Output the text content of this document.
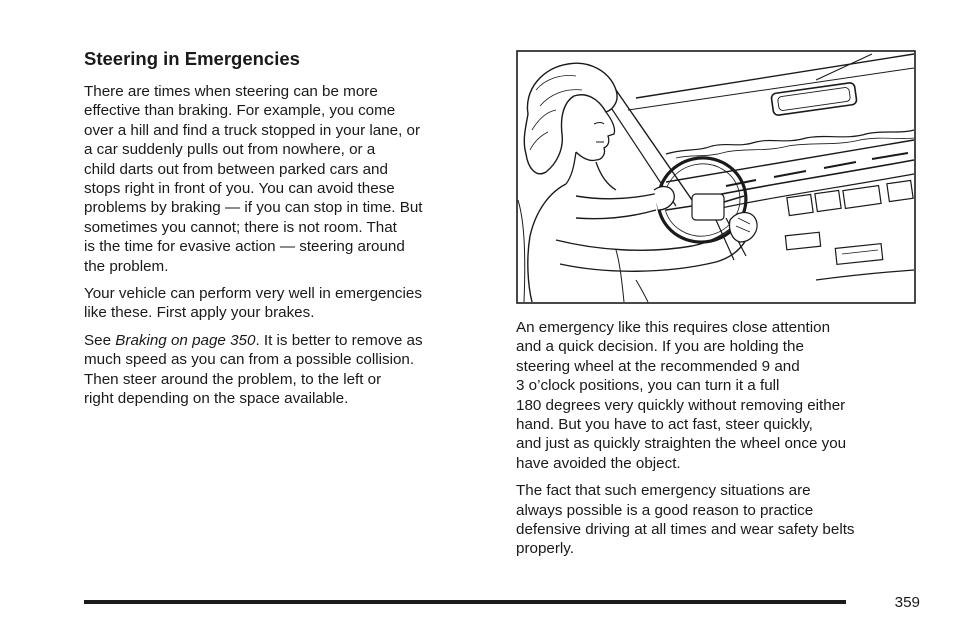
Steering in Emergencies

There are times when steering can be more
effective than braking. For example, you come
over a hill and find a truck stopped in your lane, or
a car suddenly pulls out from nowhere, or a
child darts out from between parked cars and
stops right in front of you. You can avoid these
problems by braking — if you can stop in time. But
sometimes you cannot; there is not room. That
is the time for evasive action — steering around
the problem.

Your vehicle can perform very well in emergencies
like these. First apply your brakes.

See Braking on page 350. It is better to remove as
much speed as you can from a possible collision.
Then steer around the problem, to the left or
right depending on the space available.

An emergency like this requires close attention
and a quick decision. If you are holding the
steering wheel at the recommended 9 and
3 o’clock positions, you can turn it a full
180 degrees very quickly without removing either
hand. But you have to act fast, steer quickly,
and just as quickly straighten the wheel once you
have avoided the object.

The fact that such emergency situations are
always possible is a good reason to practice
defensive driving at all times and wear safety belts
properly.

359
